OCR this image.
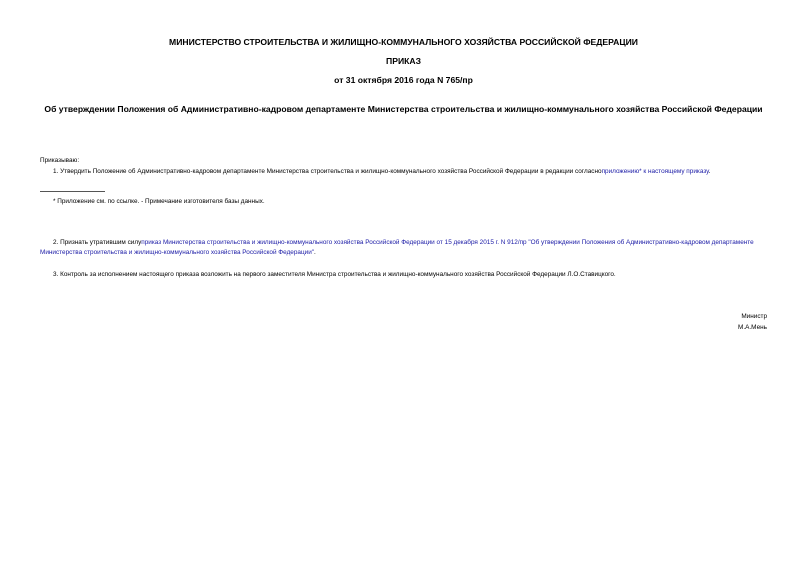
МИНИСТЕРСТВО СТРОИТЕЛЬСТВА И ЖИЛИЩНО-КОММУНАЛЬНОГО ХОЗЯЙСТВА РОССИЙСКОЙ ФЕДЕРАЦИИ
ПРИКАЗ
от 31 октября 2016 года N 765/пр
Об утверждении Положения об Административно-кадровом департаменте Министерства строительства и жилищно-коммунального хозяйства Российской Федерации
Приказываю:
1. Утвердить Положение об Административно-кадровом департаменте Министерства строительства и жилищно-коммунального хозяйства Российской Федерации в редакции согласноприложению* к настоящему приказу.
* Приложение см. по ссылке. - Примечание изготовителя базы данных.
2. Признать утратившим силуприказ Министерства строительства и жилищно-коммунального хозяйства Российской Федерации от 15 декабря 2015 г. N 912/пр "Об утверждении Положения об Административно-кадровом департаменте Министерства строительства и жилищно-коммунального хозяйства Российской Федерации".
3. Контроль за исполнением настоящего приказа возложить на первого заместителя Министра строительства и жилищно-коммунального хозяйства Российской Федерации Л.О.Ставицкого.
Министр
М.А.Мень
